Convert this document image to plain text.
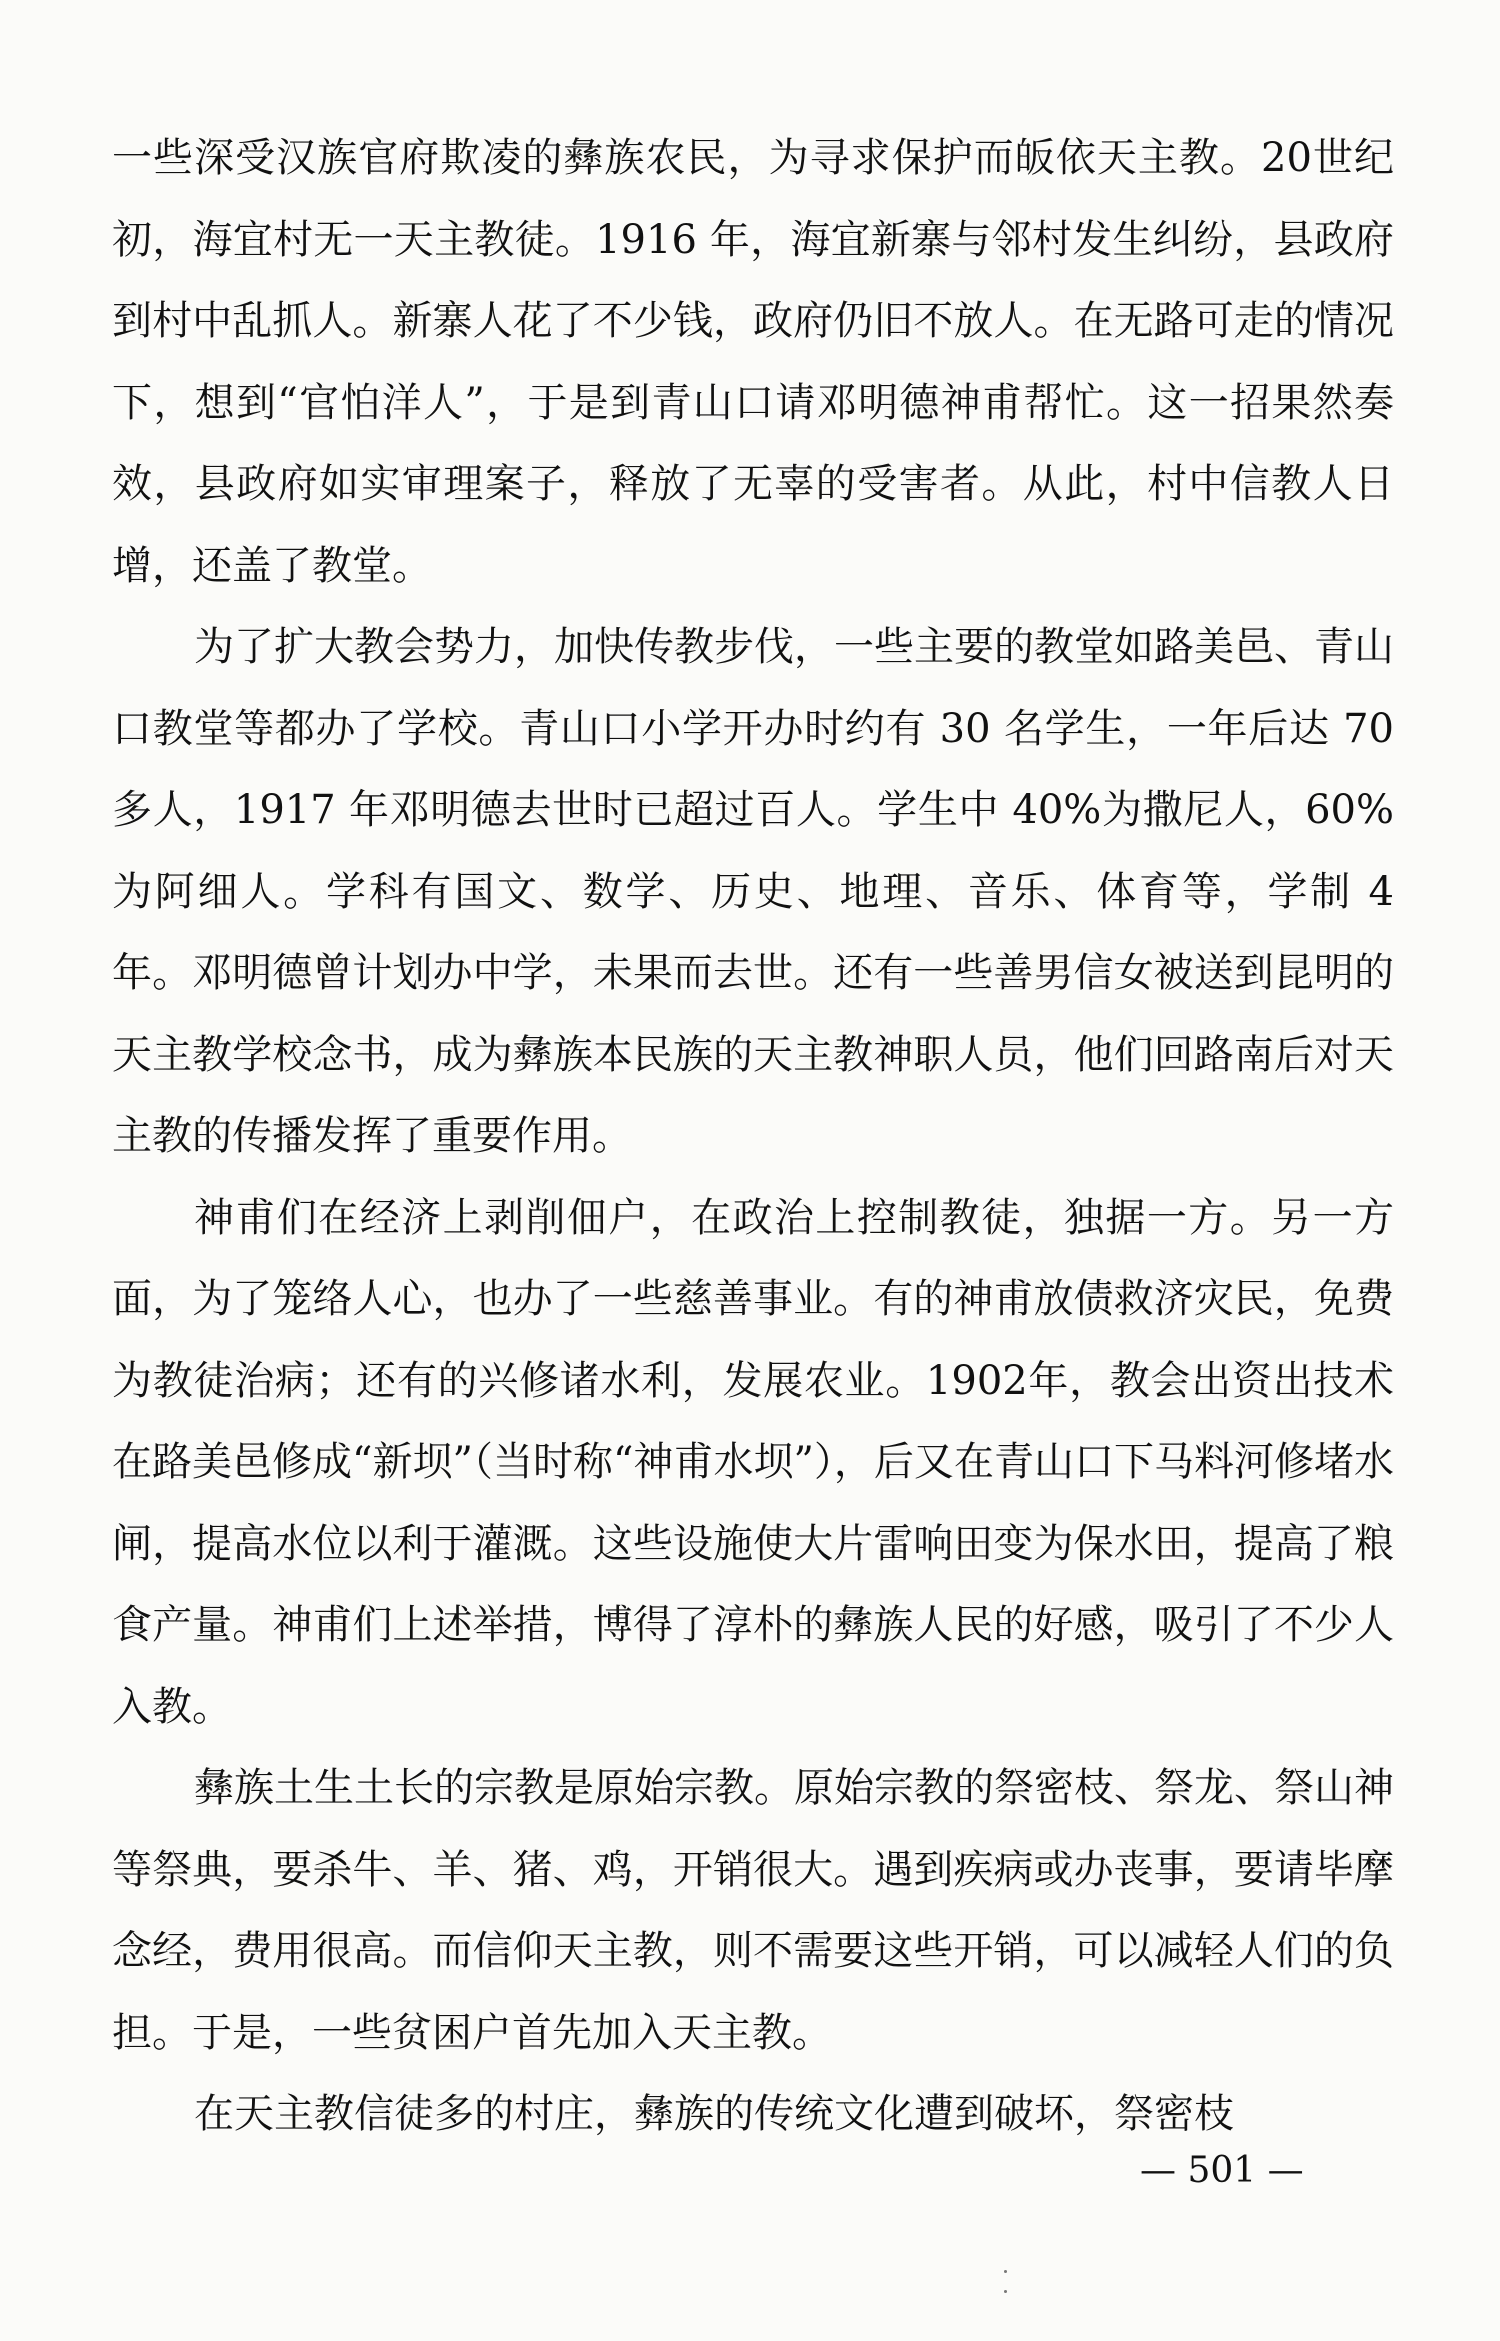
一些深受汉族官府欺凌的彝族农民，为寻求保护而皈依天主教。20世纪初，海宜村无一天主教徒。1916 年，海宜新寨与邻村发生纠纷，县政府到村中乱抓人。新寨人花了不少钱，政府仍旧不放人。在无路可走的情况下，想到“官怕洋人”，于是到青山口请邓明德神甫帮忙。这一招果然奏效，县政府如实审理案子，释放了无辜的受害者。从此，村中信教人日增，还盖了教堂。

为了扩大教会势力，加快传教步伐，一些主要的教堂如路美邑、青山口教堂等都办了学校。青山口小学开办时约有 30 名学生，一年后达 70 多人，1917 年邓明德去世时已超过百人。学生中 40%为撒尼人，60%为阿细人。学科有国文、数学、历史、地理、音乐、体育等，学制 4 年。邓明德曾计划办中学，未果而去世。还有一些善男信女被送到昆明的天主教学校念书，成为彝族本民族的天主教神职人员，他们回路南后对天主教的传播发挥了重要作用。

神甫们在经济上剥削佃户，在政治上控制教徒，独据一方。另一方面，为了笼络人心，也办了一些慈善事业。有的神甫放债救济灾民，免费为教徒治病；还有的兴修诸水利，发展农业。1902年，教会出资出技术在路美邑修成“新坝”（当时称“神甫水坝”），后又在青山口下马料河修堵水闸，提高水位以利于灌溉。这些设施使大片雷响田变为保水田，提高了粮食产量。神甫们上述举措，博得了淳朴的彝族人民的好感，吸引了不少人入教。

彝族土生土长的宗教是原始宗教。原始宗教的祭密枝、祭龙、祭山神等祭典，要杀牛、羊、猪、鸡，开销很大。遇到疾病或办丧事，要请毕摩念经，费用很高。而信仰天主教，则不需要这些开销，可以减轻人们的负担。于是，一些贫困户首先加入天主教。

在天主教信徒多的村庄，彝族的传统文化遭到破坏，祭密枝

— 501 —
